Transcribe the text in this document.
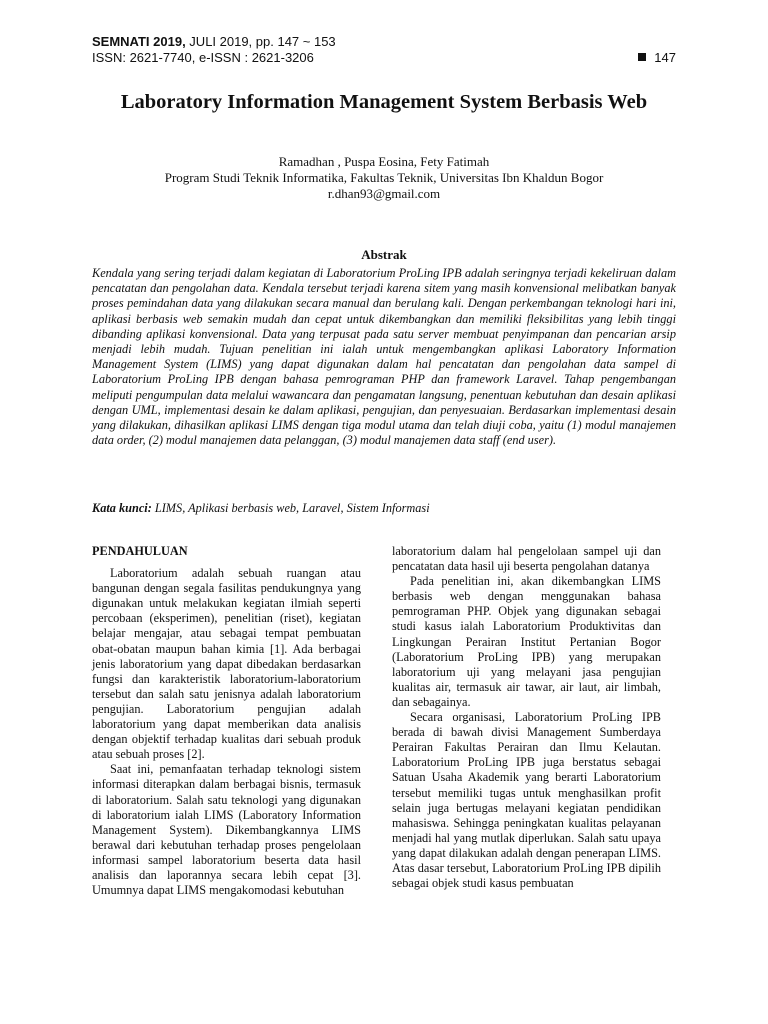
SEMNATI 2019, JULI 2019, pp. 147 ~ 153
ISSN: 2621-7740, e-ISSN : 2621-3206	147
Laboratory Information Management System Berbasis Web
Ramadhan , Puspa Eosina, Fety Fatimah
Program Studi Teknik Informatika, Fakultas Teknik, Universitas Ibn Khaldun Bogor
r.dhan93@gmail.com
Abstrak
Kendala yang sering terjadi dalam kegiatan di Laboratorium ProLing IPB adalah seringnya terjadi kekeliruan dalam pencatatan dan pengolahan data. Kendala tersebut terjadi karena sitem yang masih konvensional melibatkan banyak proses pemindahan data yang dilakukan secara manual dan berulang kali. Dengan perkembangan teknologi hari ini, aplikasi berbasis web semakin mudah dan cepat untuk dikembangkan dan memiliki fleksibilitas yang lebih tinggi dibanding aplikasi konvensional. Data yang terpusat pada satu server membuat penyimpanan dan pencarian arsip menjadi lebih mudah. Tujuan penelitian ini ialah untuk mengembangkan aplikasi Laboratory Information Management System (LIMS) yang dapat digunakan dalam hal pencatatan dan pengolahan data sampel di Laboratorium ProLing IPB dengan bahasa pemrograman PHP dan framework Laravel. Tahap pengembangan meliputi pengumpulan data melalui wawancara dan pengamatan langsung, penentuan kebutuhan dan desain aplikasi dengan UML, implementasi desain ke dalam aplikasi, pengujian, dan penyesuaian. Berdasarkan implementasi desain yang dilakukan, dihasilkan aplikasi LIMS dengan tiga modul utama dan telah diuji coba, yaitu (1) modul manajemen data order, (2) modul manajemen data pelanggan, (3) modul manajemen data staff (end user).
Kata kunci: LIMS, Aplikasi berbasis web, Laravel, Sistem Informasi

PENDAHULUAN

Laboratorium adalah sebuah ruangan atau bangunan dengan segala fasilitas pendukungnya yang digunakan untuk melakukan kegiatan ilmiah seperti percobaan (eksperimen), penelitian (riset), kegiatan belajar mengajar, atau sebagai tempat pembuatan obat-obatan maupun bahan kimia [1]. Ada berbagai jenis laboratorium yang dapat dibedakan berdasarkan fungsi dan karakteristik laboratorium-laboratorium tersebut dan salah satu jenisnya adalah laboratorium pengujian. Laboratorium pengujian adalah laboratorium yang dapat memberikan data analisis dengan objektif terhadap kualitas dari sebuah produk atau sebuah proses [2].

Saat ini, pemanfaatan terhadap teknologi sistem informasi diterapkan dalam berbagai bisnis, termasuk di laboratorium. Salah satu teknologi yang digunakan di laboratorium ialah LIMS (Laboratory Information Management System). Dikembangkannya LIMS berawal dari kebutuhan terhadap proses pengelolaan informasi sampel laboratorium beserta data hasil analisis dan laporannya secara lebih cepat [3]. Umumnya dapat LIMS mengakomodasi kebutuhan

laboratorium dalam hal pengelolaan sampel uji dan pencatatan data hasil uji beserta pengolahan datanya

Pada penelitian ini, akan dikembangkan LIMS berbasis web dengan menggunakan bahasa pemrograman PHP. Objek yang digunakan sebagai studi kasus ialah Laboratorium Produktivitas dan Lingkungan Perairan Institut Pertanian Bogor (Laboratorium ProLing IPB) yang merupakan laboratorium uji yang melayani jasa pengujian kualitas air, termasuk air tawar, air laut, air limbah, dan sebagainya.

Secara organisasi, Laboratorium ProLing IPB berada di bawah divisi Management Sumberdaya Perairan Fakultas Perairan dan Ilmu Kelautan. Laboratorium ProLing IPB juga berstatus sebagai Satuan Usaha Akademik yang berarti Laboratorium tersebut memiliki tugas untuk menghasilkan profit selain juga bertugas melayani kegiatan pendidikan mahasiswa. Sehingga peningkatan kualitas pelayanan menjadi hal yang mutlak diperlukan. Salah satu upaya yang dapat dilakukan adalah dengan penerapan LIMS. Atas dasar tersebut, Laboratorium ProLing IPB dipilih sebagai objek studi kasus pembuatan
